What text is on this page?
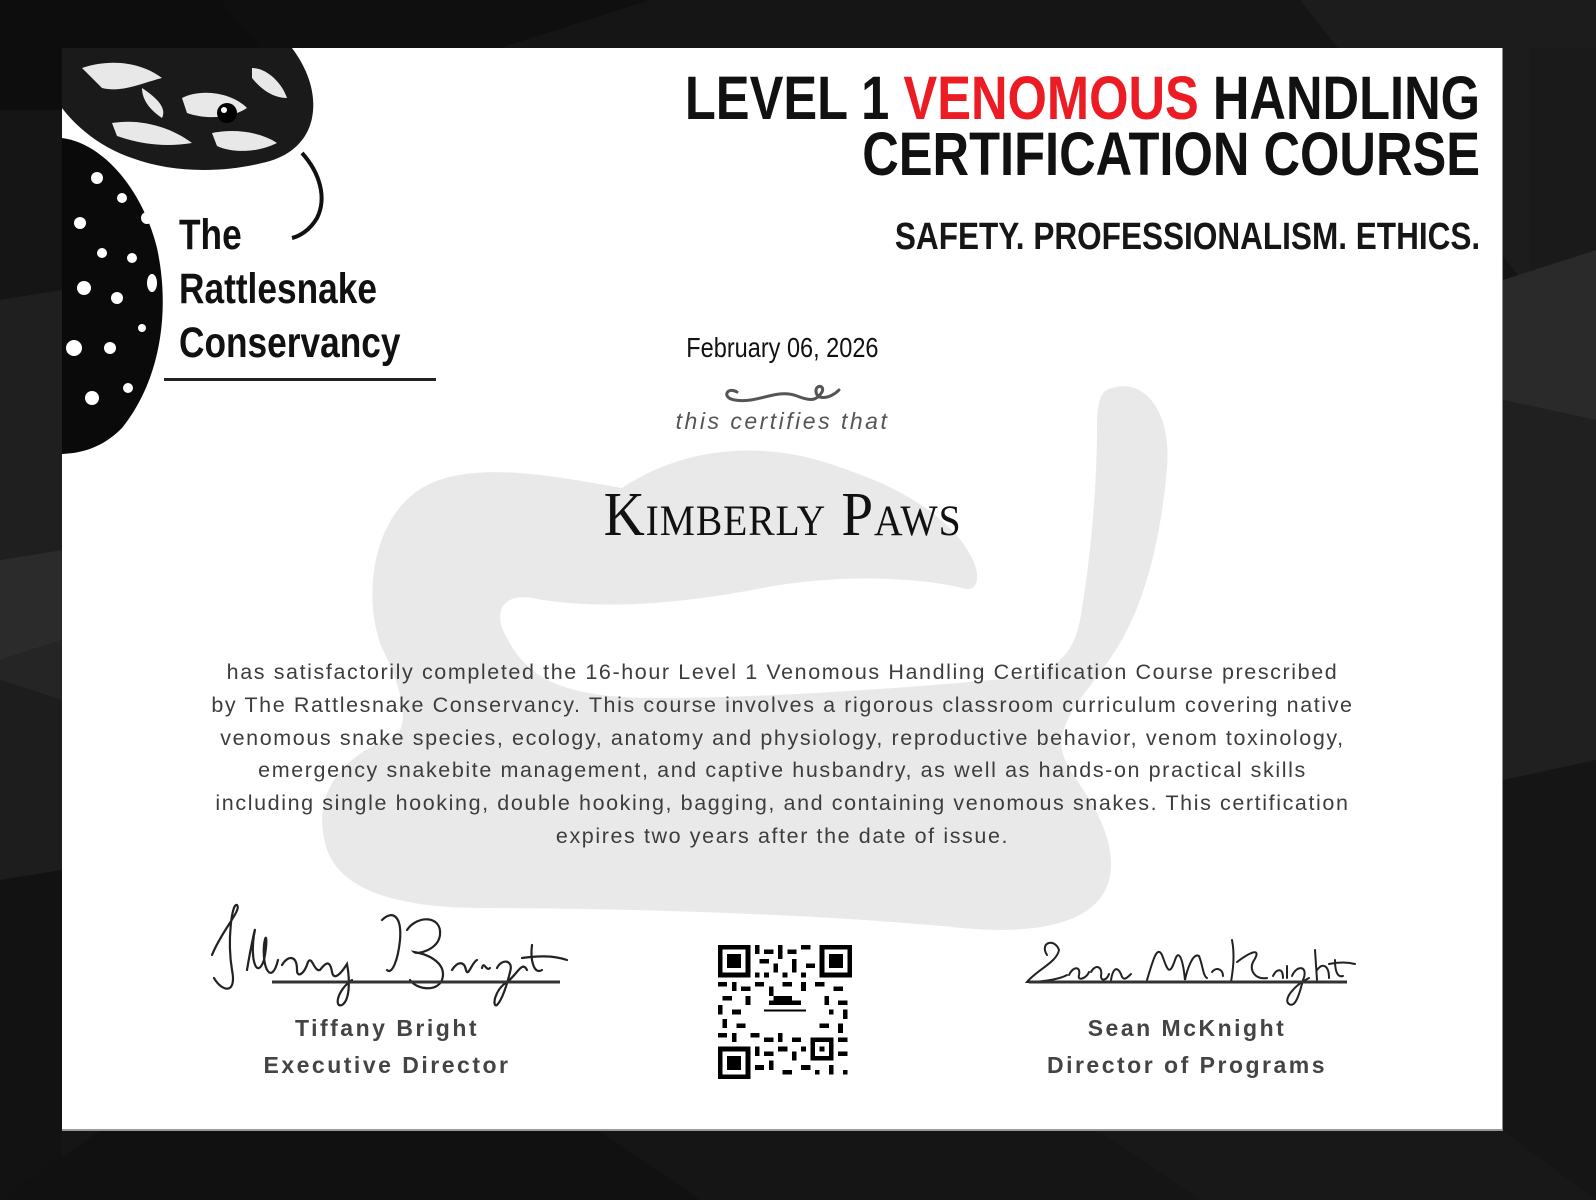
The
Rattlesnake
Conservancy
LEVEL 1 VENOMOUS HANDLING
CERTIFICATION COURSE
SAFETY. PROFESSIONALISM. ETHICS.
February 06, 2026
this certifies that
Kimberly Paws
has satisfactorily completed the 16-hour Level 1 Venomous Handling Certification Course prescribed
by The Rattlesnake Conservancy. This course involves a rigorous classroom curriculum covering native
venomous snake species, ecology, anatomy and physiology, reproductive behavior, venom toxinology,
emergency snakebite management, and captive husbandry, as well as hands-on practical skills
including single hooking, double hooking, bagging, and containing venomous snakes. This certification
expires two years after the date of issue.
Tiffany Bright
Executive Director
Sean McKnight
Director of Programs
